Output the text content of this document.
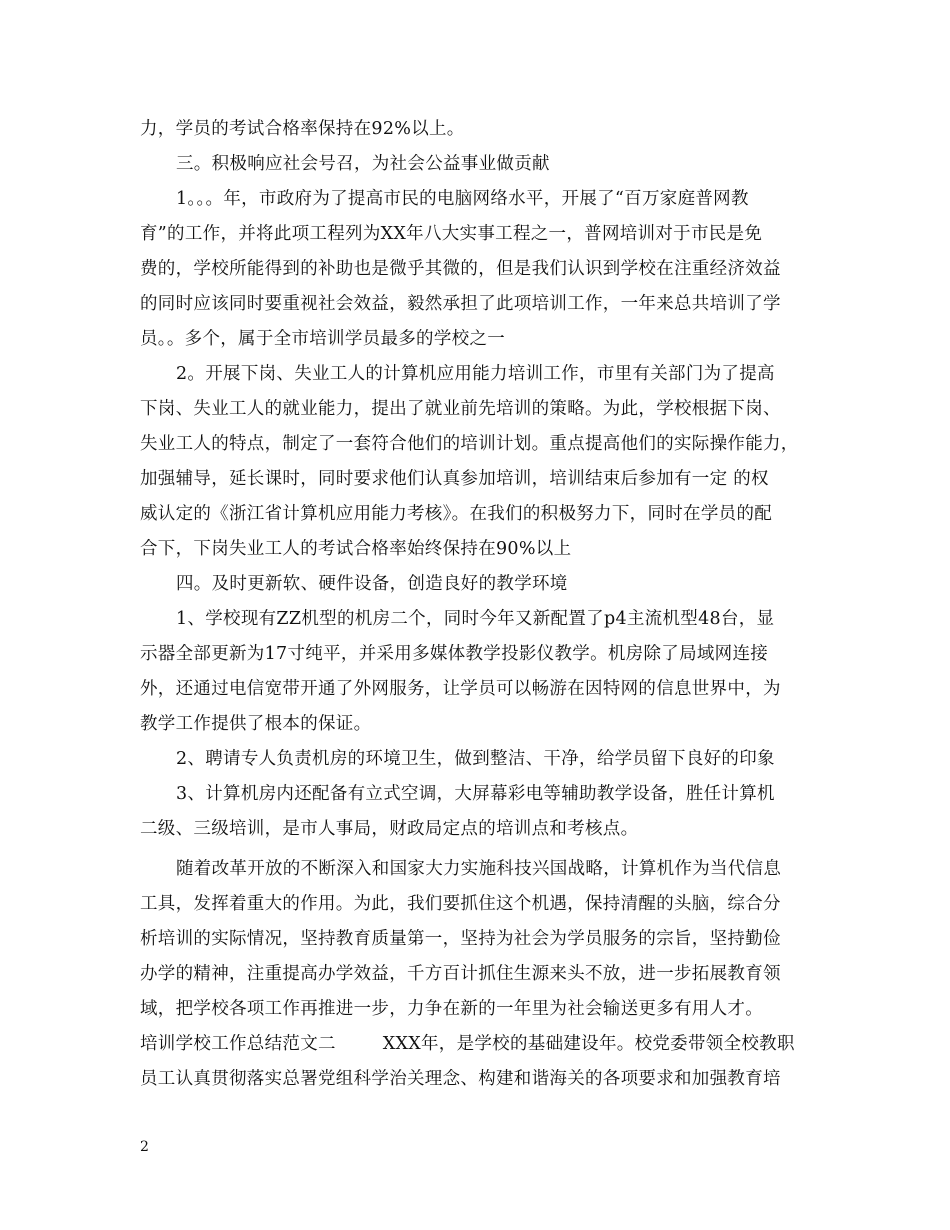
力，学员的考试合格率保持在92%以上。
三。积极响应社会号召，为社会公益事业做贡献
1。。。年，市政府为了提高市民的电脑网络水平，开展了“百万家庭普网教
育”的工作，并将此项工程列为XX年八大实事工程之一，普网培训对于市民是免
费的，学校所能得到的补助也是微乎其微的，但是我们认识到学校在注重经济效益
的同时应该同时要重视社会效益，毅然承担了此项培训工作，一年来总共培训了学
员。。多个，属于全市培训学员最多的学校之一
2。开展下岗、失业工人的计算机应用能力培训工作，市里有关部门为了提高
下岗、失业工人的就业能力，提出了就业前先培训的策略。为此，学校根据下岗、
失业工人的特点，制定了一套符合他们的培训计划。重点提高他们的实际操作能力，
加强辅导，延长课时，同时要求他们认真参加培训，培训结束后参加有一定 的权
威认定的《浙江省计算机应用能力考核》。在我们的积极努力下，同时在学员的配
合下，下岗失业工人的考试合格率始终保持在90%以上
四。及时更新软、硬件设备，创造良好的教学环境
1、学校现有ZZ机型的机房二个，同时今年又新配置了p4主流机型48台，显
示器全部更新为17寸纯平，并采用多媒体教学投影仪教学。机房除了局域网连接
外，还通过电信宽带开通了外网服务，让学员可以畅游在因特网的信息世界中，为
教学工作提供了根本的保证。
2、聘请专人负责机房的环境卫生，做到整洁、干净，给学员留下良好的印象
3、计算机房内还配备有立式空调，大屏幕彩电等辅助教学设备，胜任计算机
二级、三级培训，是市人事局，财政局定点的培训点和考核点。
随着改革开放的不断深入和国家大力实施科技兴国战略，计算机作为当代信息
工具，发挥着重大的作用。为此，我们要抓住这个机遇，保持清醒的头脑，综合分
析培训的实际情况，坚持教育质量第一，坚持为社会为学员服务的宗旨，坚持勤俭
办学的精神，注重提高办学效益，千方百计抓住生源来头不放，进一步拓展教育领
域，把学校各项工作再推进一步，力争在新的一年里为社会输送更多有用人才。
培训学校工作总结范文二        XXX年，是学校的基础建设年。校党委带领全校教职
员工认真贯彻落实总署党组科学治关理念、构建和谐海关的各项要求和加强教育培
2
